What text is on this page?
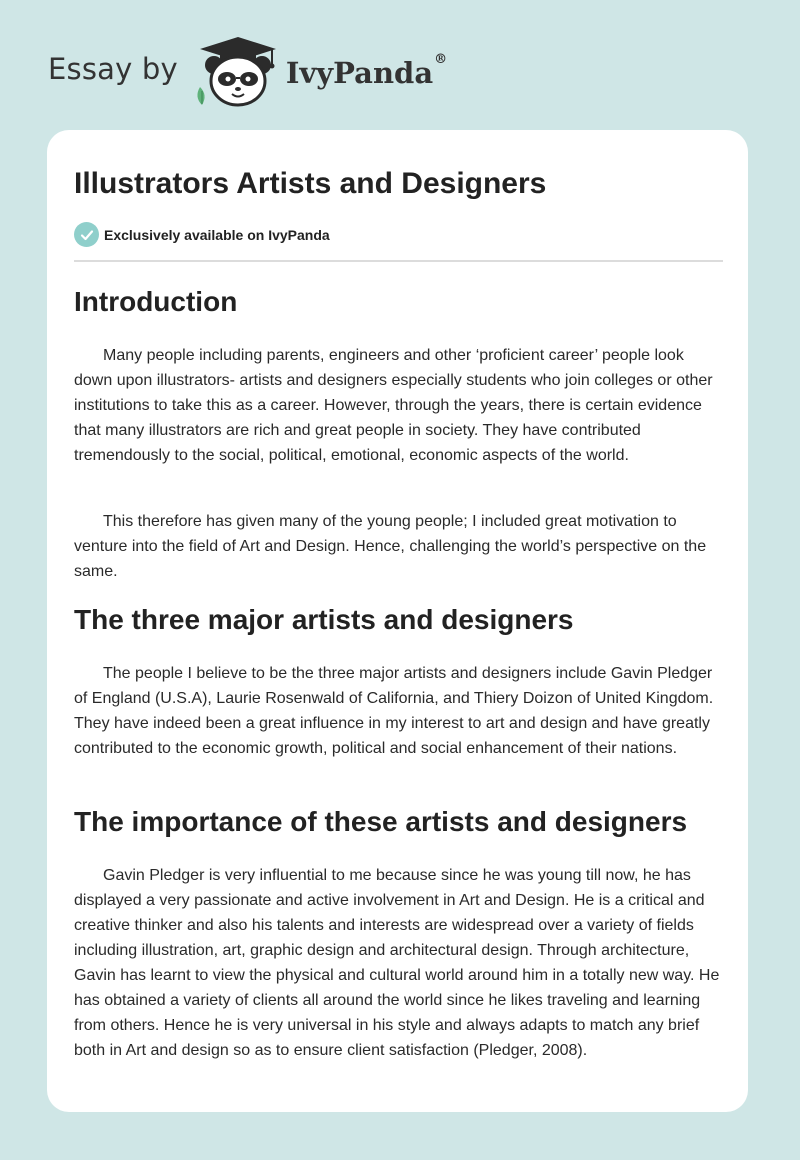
Essay by	IvyPanda®
Illustrators Artists and Designers
Exclusively available on IvyPanda
Introduction

Many people including parents, engineers and other ‘proficient career’ people look down upon illustrators- artists and designers especially students who join colleges or other institutions to take this as a career. However, through the years, there is certain evidence that many illustrators are rich and great people in society. They have contributed tremendously to the social, political, emotional, economic aspects of the world.

This therefore has given many of the young people; I included great motivation to venture into the field of Art and Design. Hence, challenging the world’s perspective on the same.

The three major artists and designers

The people I believe to be the three major artists and designers include Gavin Pledger of England (U.S.A), Laurie Rosenwald of California, and Thiery Doizon of United Kingdom. They have indeed been a great influence in my interest to art and design and have greatly contributed to the economic growth, political and social enhancement of their nations.

The importance of these artists and designers

Gavin Pledger is very influential to me because since he was young till now, he has displayed a very passionate and active involvement in Art and Design. He is a critical and creative thinker and also his talents and interests are widespread over a variety of fields including illustration, art, graphic design and architectural design. Through architecture, Gavin has learnt to view the physical and cultural world around him in a totally new way. He has obtained a variety of clients all around the world since he likes traveling and learning from others. Hence he is very universal in his style and always adapts to match any brief both in Art and design so as to ensure client satisfaction (Pledger, 2008).
